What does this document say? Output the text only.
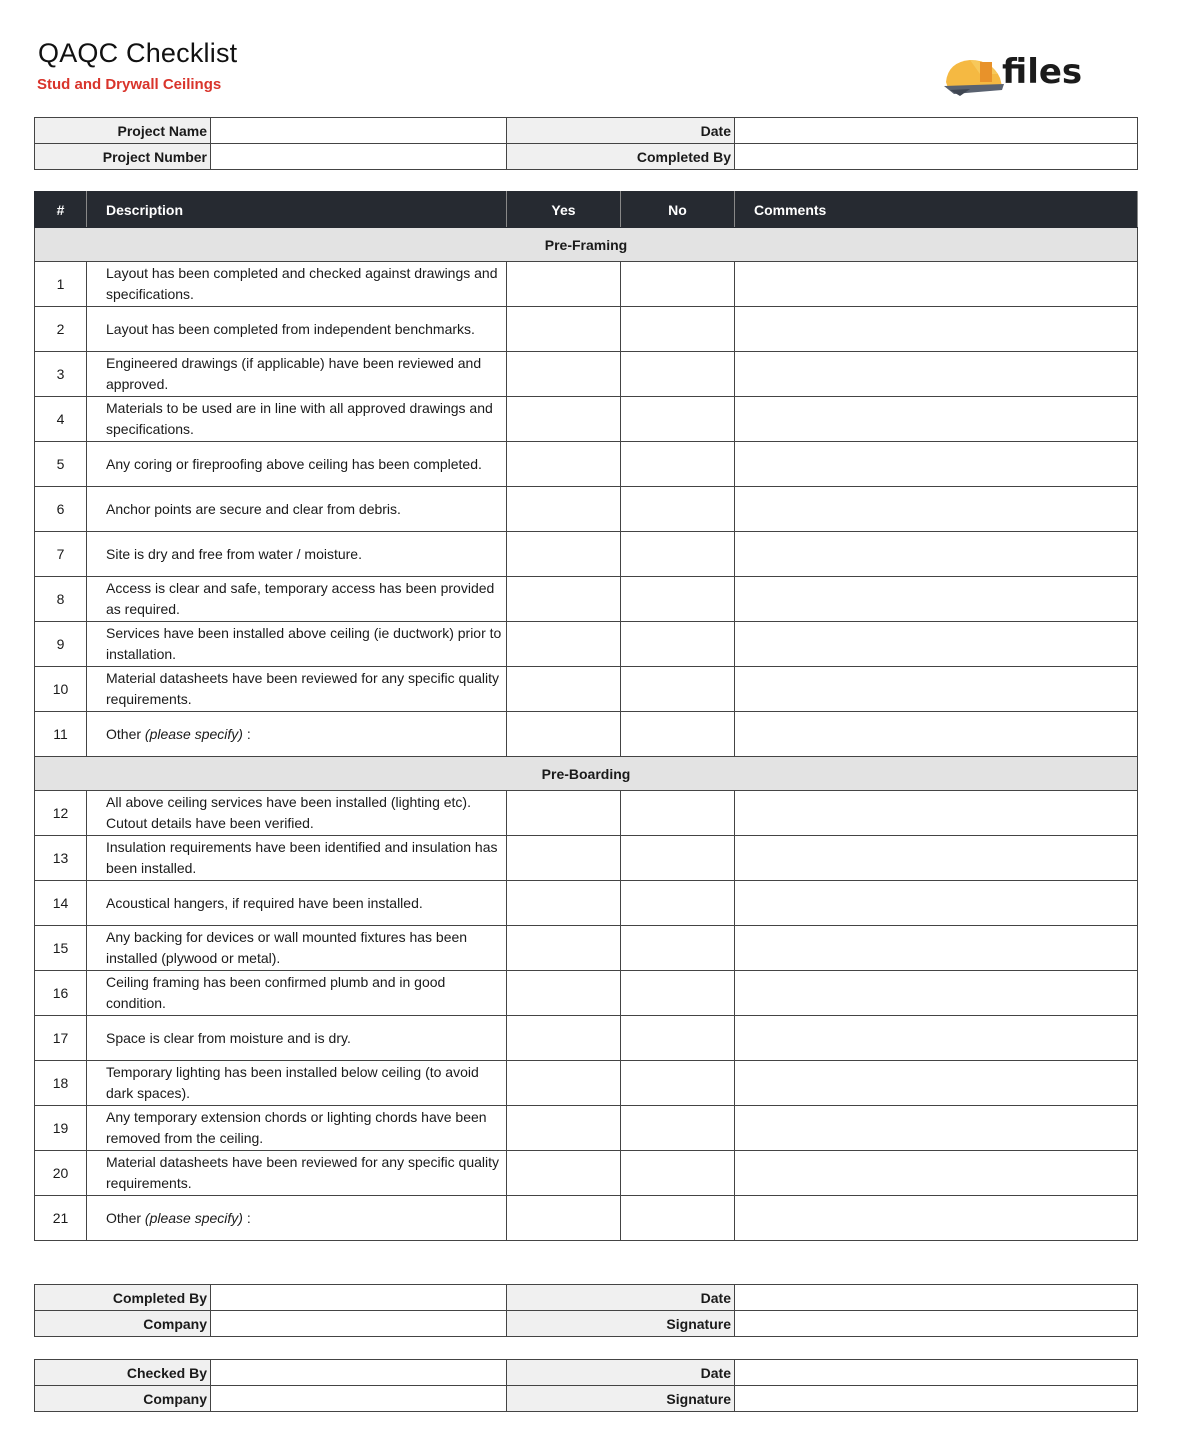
QAQC Checklist
Stud and Drywall Ceilings	files
Project Name		Date	
Project Number		Completed By	
#	Description	Yes	No	Comments
Pre-Framing				
1	Layout has been completed and checked against drawings and specifications.			
2	Layout has been completed from independent benchmarks.			
3	Engineered drawings (if applicable) have been reviewed and approved.			
4	Materials to be used are in line with all approved drawings and specifications.			
5	Any coring or fireproofing above ceiling has been completed.			
6	Anchor points are secure and clear from debris.			
7	Site is dry and free from water / moisture.			
8	Access is clear and safe, temporary access has been provided as required.			
9	Services have been installed above ceiling (ie ductwork) prior to installation.			
10	Material datasheets have been reviewed for any specific quality requirements.			
11	Other (please specify) :			
Pre-Boarding				
12	All above ceiling services have been installed (lighting etc). Cutout details have been verified.			
13	Insulation requirements have been identified and insulation has been installed.			
14	Acoustical hangers, if required have been installed.			
15	Any backing for devices or wall mounted fixtures has been installed (plywood or metal).			
16	Ceiling framing has been confirmed plumb and in good condition.			
17	Space is clear from moisture and is dry.			
18	Temporary lighting has been installed below ceiling (to avoid dark spaces).			
19	Any temporary extension chords or lighting chords have been removed from the ceiling.			
20	Material datasheets have been reviewed for any specific quality requirements.			
21	Other (please specify) :			
Completed By		Date	
Company		Signature	
Checked By		Date	
Company		Signature	
